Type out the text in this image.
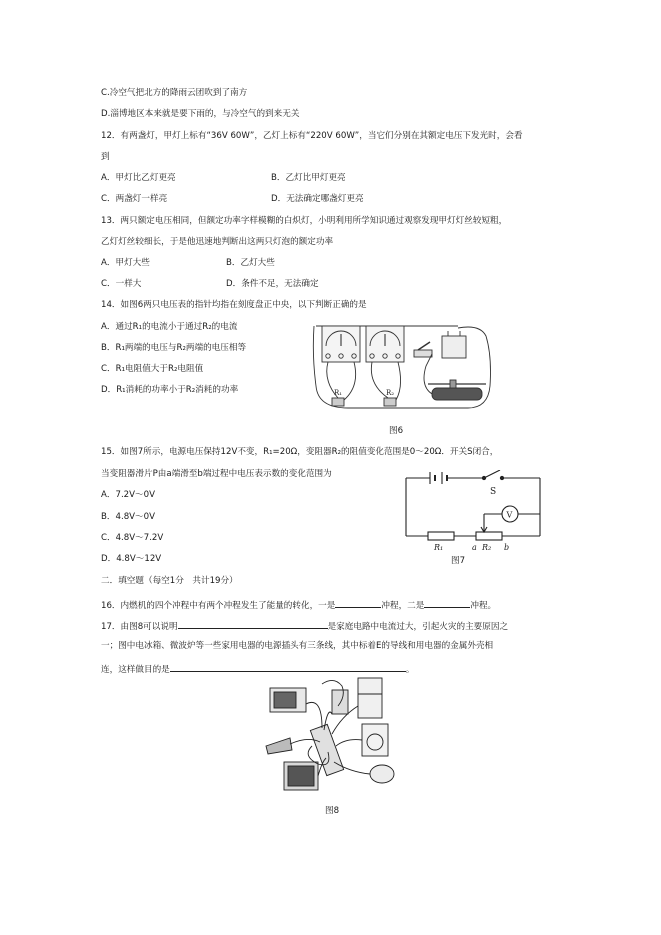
C.冷空气把北方的降雨云团吹到了南方
D.淄博地区本来就是要下雨的，与冷空气的到来无关
12．有两盏灯，甲灯上标有“36V 60W”，乙灯上标有“220V 60W”，当它们分别在其额定电压下发光时，会看
到
A．甲灯比乙灯更亮	B．乙灯比甲灯更亮
C．两盏灯一样亮	D．无法确定哪盏灯更亮
13．两只额定电压相同，但额定功率字样模糊的白炽灯，小明利用所学知识通过观察发现甲灯灯丝较短粗，
乙灯灯丝较细长，于是他迅速地判断出这两只灯泡的额定功率
A．甲灯大些	B．乙灯大些
C．一样大	D．条件不足，无法确定
14．如图6两只电压表的指针均指在刻度盘正中央，以下判断正确的是
A．通过R₁的电流小于通过R₂的电流
B．R₁两端的电压与R₂两端的电压相等
C．R₁电阻值大于R₂电阻值
D．R₁消耗的功率小于R₂消耗的功率	R₁	R₂
图6
15．如图7所示，电源电压保持12V不变，R₁=20Ω，变阻器R₂的阻值变化范围是0～20Ω．开关S闭合，
当变阻器滑片P由a端滑至b端过程中电压表示数的变化范围为
A．7.2V～0V
B．4.8V～0V
C．4.8V～7.2V
D．4.8V～12V
S
V
R₁	a R₂ b
图7
二．填空题（每空1分　共计19分）
16．内燃机的四个冲程中有两个冲程发生了能量的转化，一是	冲程，二是	冲程。
17．由图8可以说明	是家庭电路中电流过大，引起火灾的主要原因之
一；图中电冰箱、微波炉等一些家用电器的电源插头有三条线，其中标着E的导线和用电器的金属外壳相
连，这样做目的是	。
图8
